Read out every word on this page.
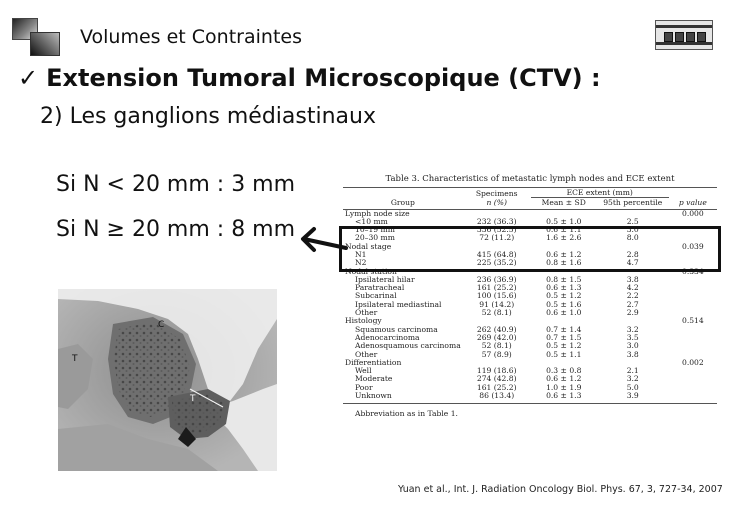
Volumes et Contraintes
✓ Extension Tumoral Microscopique (CTV) :
2) Les ganglions médiastinaux
Si N < 20 mm : 3 mm
Si N ≥ 20 mm : 8 mm
C
T
T
Table 3. Characteristics of metastatic lymph nodes and ECE extent
Group	Specimens	ECE extent (mm)		
	n (%)	Mean ± SD	95th percentile	p value

Lymph node size				0.000
<10 mm	232 (36.3)	0.5 ± 1.0	2.5	
10–19 mm	336 (52.5)	0.6 ± 1.1	3.0	
20–30 mm	72 (11.2)	1.6 ± 2.6	8.0	
Nodal stage				0.039
N1	415 (64.8)	0.6 ± 1.2	2.8	
N2	225 (35.2)	0.8 ± 1.6	4.7	
Nodal station				0.334
Ipsilateral hilar	236 (36.9)	0.8 ± 1.5	3.8	
Paratracheal	161 (25.2)	0.6 ± 1.3	4.2	
Subcarinal	100 (15.6)	0.5 ± 1.2	2.2	
Ipsilateral mediastinal	91 (14.2)	0.5 ± 1.6	2.7	
Other	52 (8.1)	0.6 ± 1.0	2.9	
Histology				0.514
Squamous carcinoma	262 (40.9)	0.7 ± 1.4	3.2	
Adenocarcinoma	269 (42.0)	0.7 ± 1.5	3.5	
Adenosquamous carcinoma	52 (8.1)	0.5 ± 1.2	3.0	
Other	57 (8.9)	0.5 ± 1.1	3.8	
Differentiation				0.002
Well	119 (18.6)	0.3 ± 0.8	2.1	
Moderate	274 (42.8)	0.6 ± 1.2	3.2	
Poor	161 (25.2)	1.0 ± 1.9	5.0	
Unknown	86 (13.4)	0.6 ± 1.3	3.9	
Abbreviation as in Table 1.
Yuan et al., Int. J. Radiation Oncology Biol. Phys. 67, 3, 727-34, 2007
